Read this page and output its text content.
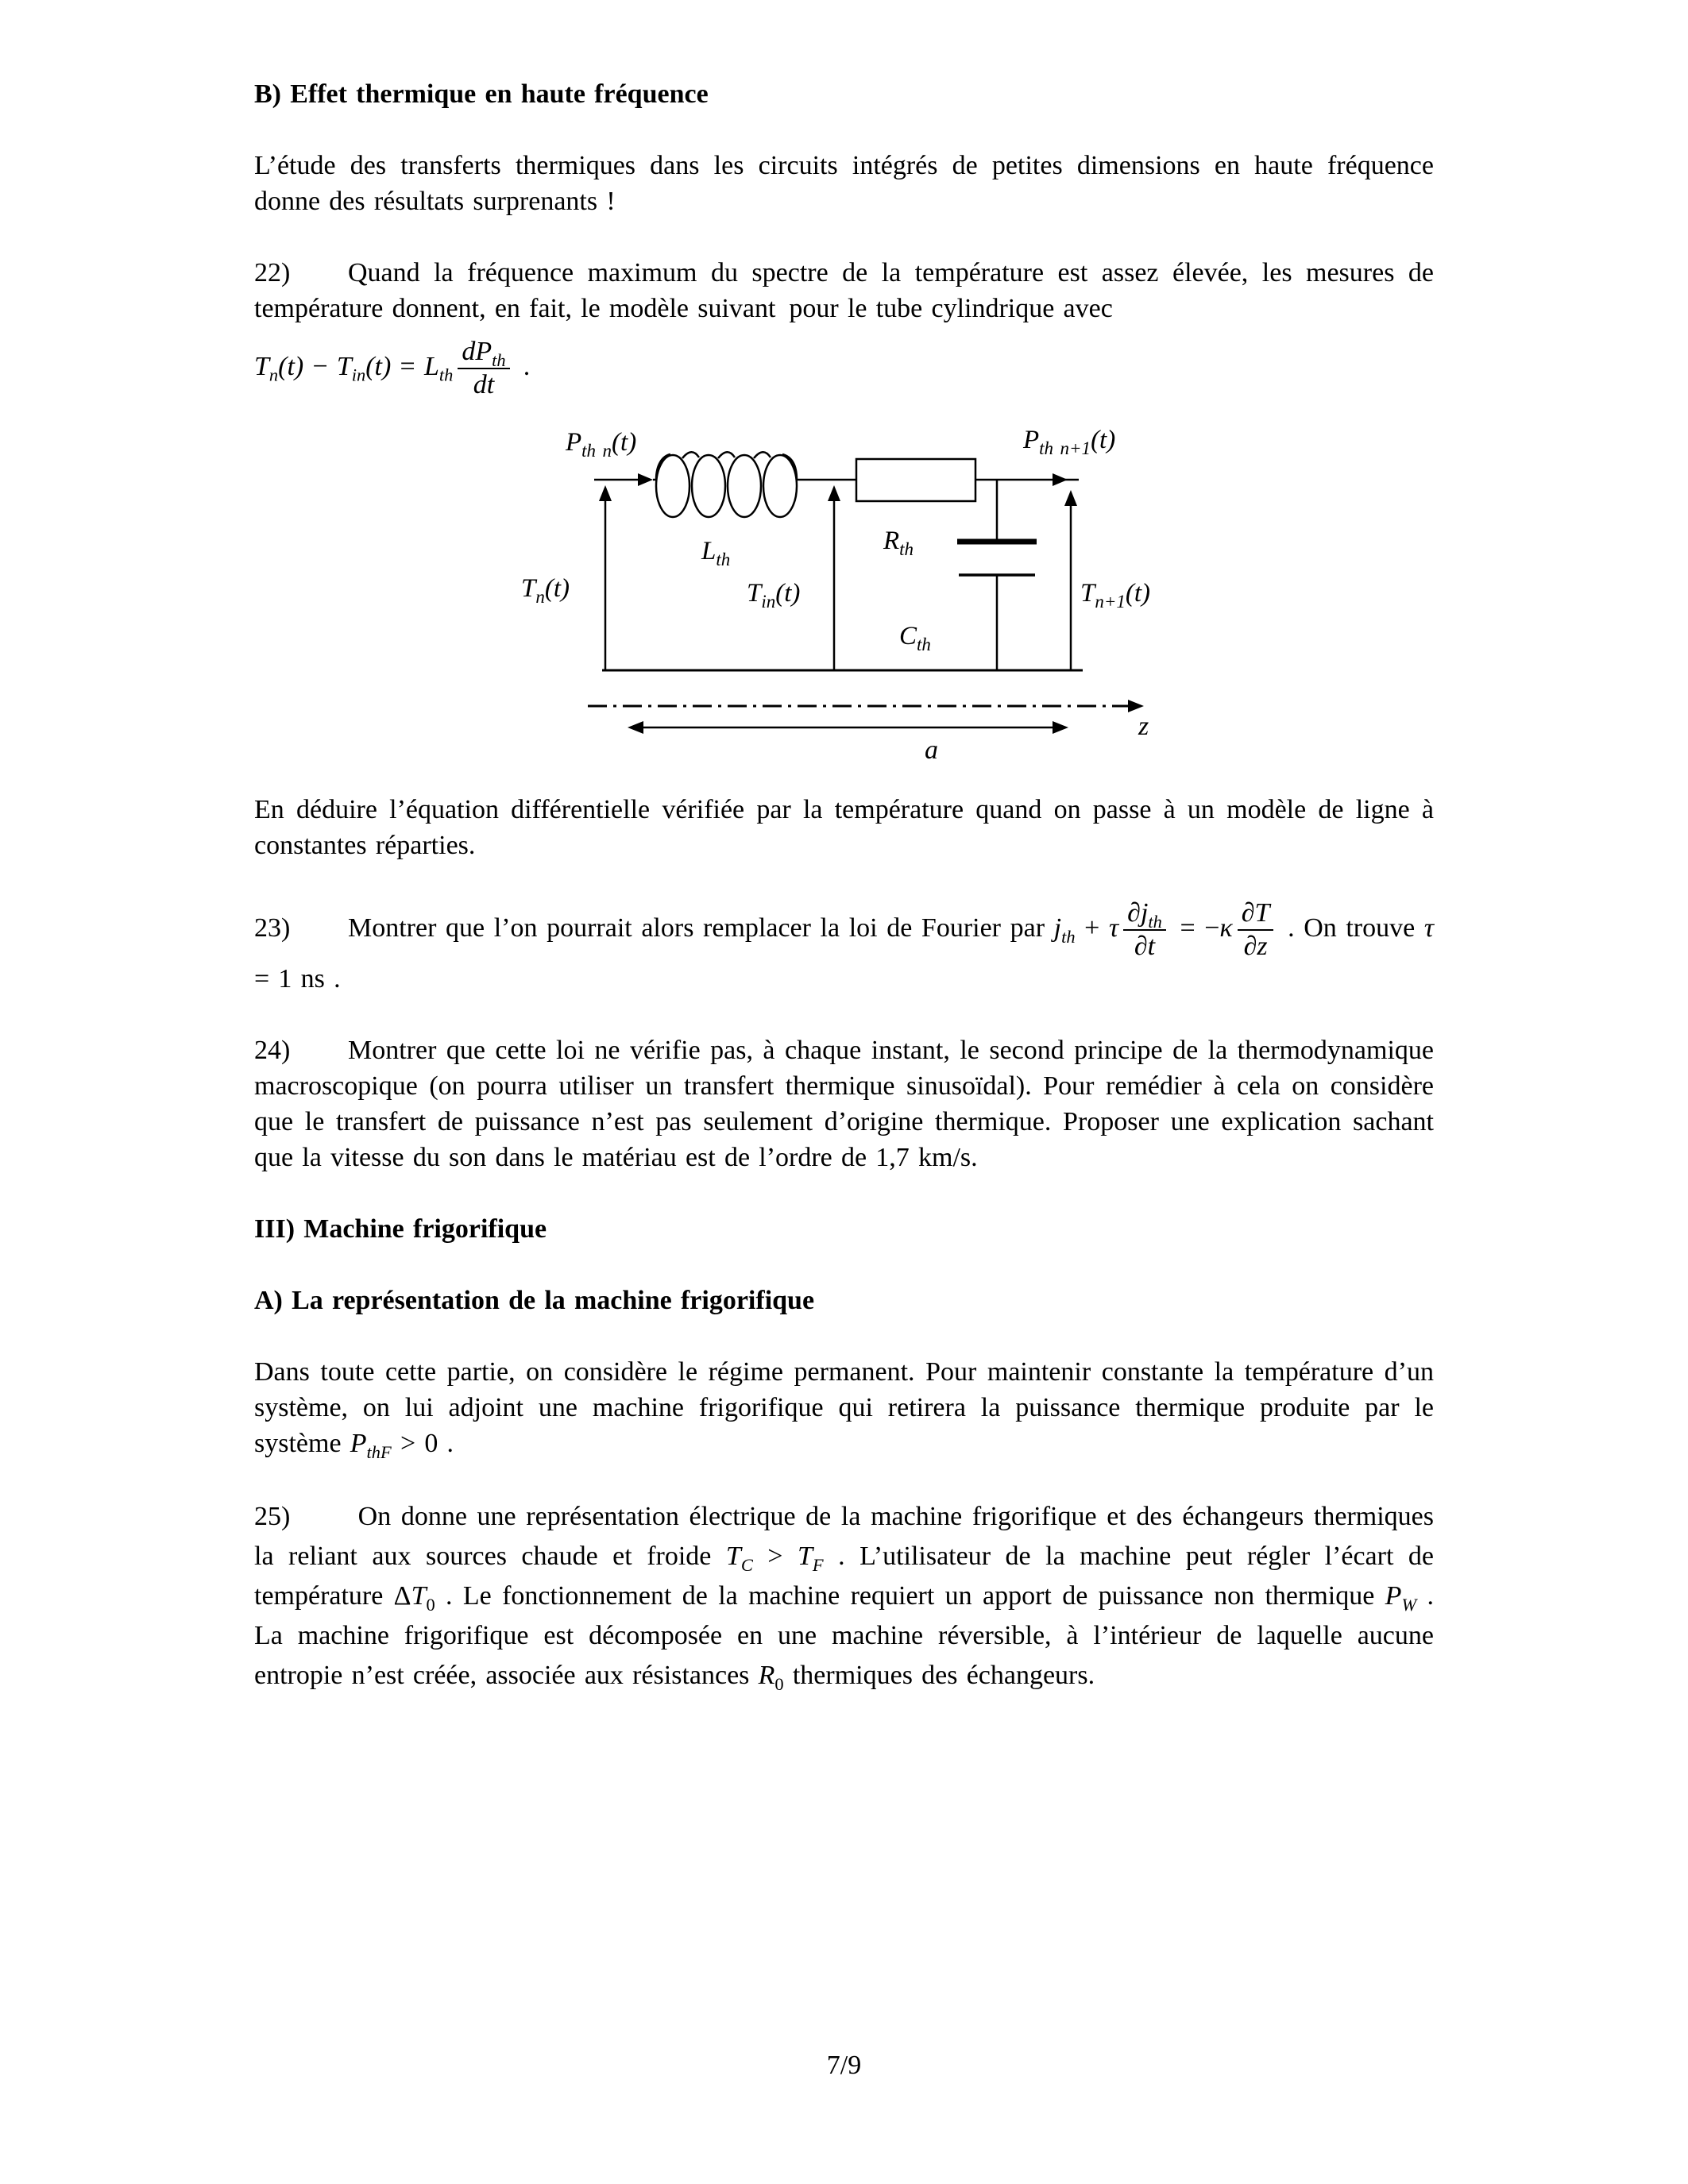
B) Effet thermique en haute fréquence

L’étude des transferts thermiques dans les circuits intégrés de petites dimensions en haute fréquence donne des résultats surprenants !

22) Quand la fréquence maximum du spectre de la température est assez élevée, les mesures de température donnent, en fait, le modèle suivant pour le tube cylindrique avec

$T_n(t) - T_{in}(t) = L_{th} \frac{dP_{th}}{dt}$ .
$P_{th n}(t)$	$P_{th n+1}(t)$
$T_n(t)$	$T_{in}(t)$	$T_{n+1}(t)$
$L_{th}$
$R_{th}$
$C_{th}$
a
z

En déduire l’équation différentielle vérifiée par la température quand on passe à un modèle de ligne à constantes réparties.

23) Montrer que l’on pourrait alors remplacer la loi de Fourier par $j_{th} + \tau \frac{\partial j_{th}}{\partial t} = -\kappa \frac{\partial T}{\partial z}$ . On trouve τ = 1 ns .

24) Montrer que cette loi ne vérifie pas, à chaque instant, le second principe de la thermodynamique macroscopique (on pourra utiliser un transfert thermique sinusoïdal). Pour remédier à cela on considère que le transfert de puissance n’est pas seulement d’origine thermique. Proposer une explication sachant que la vitesse du son dans le matériau est de l’ordre de 1,7 km/s.

III) Machine frigorifique
A) La représentation de la machine frigorifique

Dans toute cette partie, on considère le régime permanent. Pour maintenir constante la température d’un système, on lui adjoint une machine frigorifique qui retirera la puissance thermique produite par le système $P_{thF} > 0$ .

25) On donne une représentation électrique de la machine frigorifique et des échangeurs thermiques la reliant aux sources chaude et froide $T_C > T_F$ . L’utilisateur de la machine peut régler l’écart de température $\Delta T_0$ . Le fonctionnement de la machine requiert un apport de puissance non thermique $P_W$ . La machine frigorifique est décomposée en une machine réversible, à l’intérieur de laquelle aucune entropie n’est créée, associée aux résistances $R_0$ thermiques des échangeurs.

7/9
